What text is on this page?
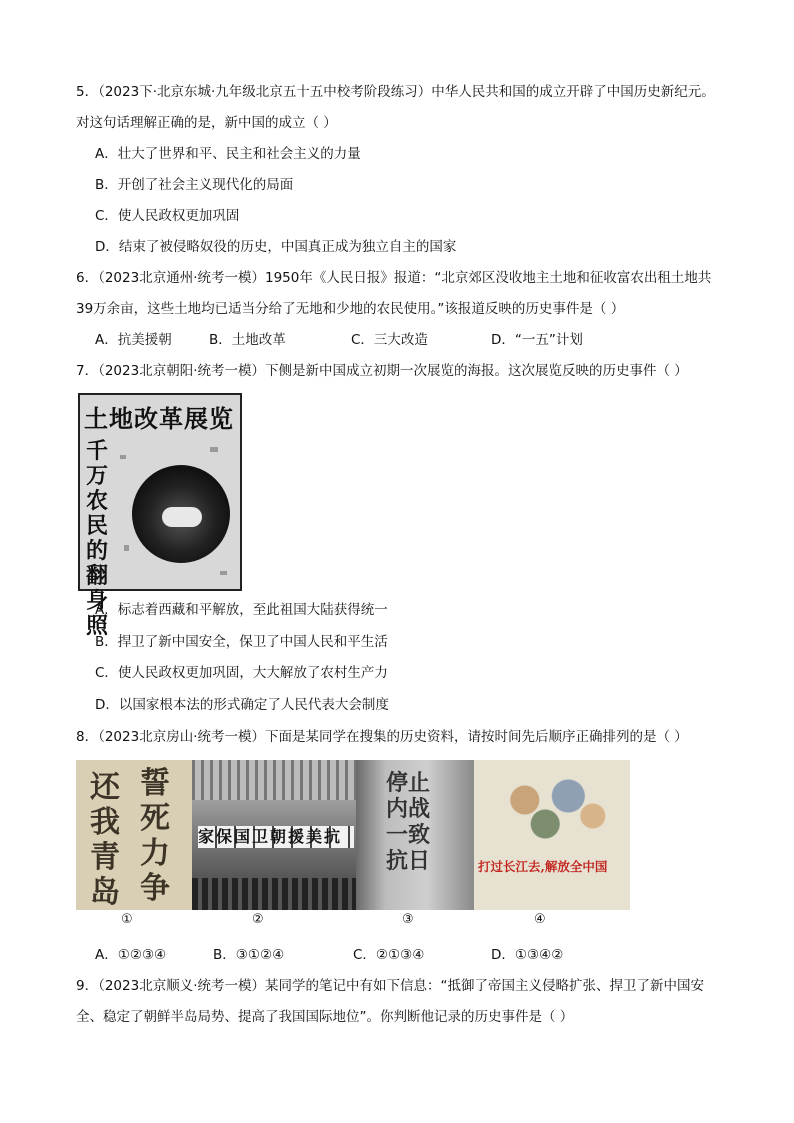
5．（2023下·北京东城·九年级北京五十五中校考阶段练习）中华人民共和国的成立开辟了中国历史新纪元。
对这句话理解正确的是，新中国的成立（ ）
A．壮大了世界和平、民主和社会主义的力量
B．开创了社会主义现代化的局面
C．使人民政权更加巩固
D．结束了被侵略奴役的历史，中国真正成为独立自主的国家
6．（2023北京通州·统考一模）1950年《人民日报》报道：“北京郊区没收地主土地和征收富农出租土地共
39万余亩，这些土地均已适当分给了无地和少地的农民使用。”该报道反映的历史事件是（ ）
A．抗美援朝	B．土地改革	C．三大改造	D．“一五”计划
7．（2023北京朝阳·统考一模）下侧是新中国成立初期一次展览的海报。这次展览反映的历史事件（ ）
土地改革展览
千万农民的翻身照
A．标志着西藏和平解放，至此祖国大陆获得统一
B．捍卫了新中国安全，保卫了中国人民和平生活
C．使人民政权更加巩固，大大解放了农村生产力
D．以国家根本法的形式确定了人民代表大会制度
8．（2023北京房山·统考一模）下面是某同学在搜集的历史资料，请按时间先后顺序正确排列的是（ ）
誓死力争
还我青岛
家保国卫朝援美抗
停止内战一致抗日	打过长江去,解放全中国
①	②	③	④
A．①②③④	B．③①②④	C．②①③④	D．①③④②
9．（2023北京顺义·统考一模）某同学的笔记中有如下信息：“抵御了帝国主义侵略扩张、捍卫了新中国安
全、稳定了朝鲜半岛局势、提高了我国国际地位”。你判断他记录的历史事件是（ ）
